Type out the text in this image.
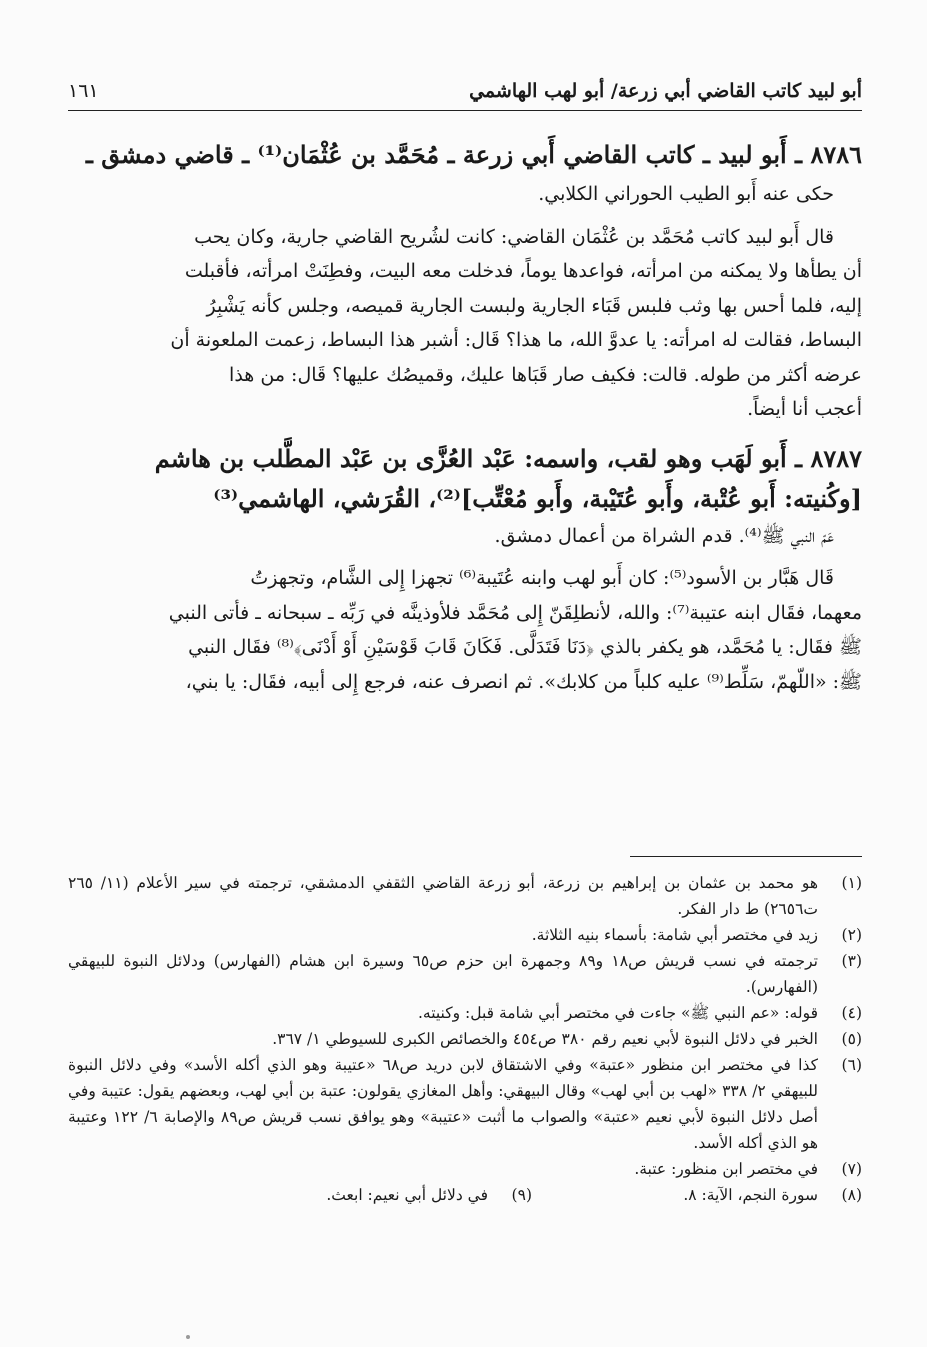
أبو لبيد كاتب القاضي أبي زرعة/ أبو لهب الهاشمي
١٦١
٨٧٨٦ ـ أَبو لبيد ـ كاتب القاضي أَبي زرعة ـ مُحَمَّد بن عُثْمَان⁽¹⁾ ـ قاضي دمشق ـ

حكى عنه أَبو الطيب الحوراني الكلابي.

قال أَبو لبيد كاتب مُحَمَّد بن عُثْمَان القاضي: كانت لشُريح القاضي جارية، وكان يحب

أن يطأها ولا يمكنه من امرأته، فواعدها يوماً، فدخلت معه البيت، وفطِنَتْ امرأته، فأقبلت

إليه، فلما أحس بها وثب فلبس قَبَاء الجارية ولبست الجارية قميصه، وجلس كأنه يَشْبِرُ

البساط، فقالت له امرأته: يا عدوَّ الله، ما هذا؟ قَال: أشبر هذا البساط، زعمت الملعونة أن

عرضه أكثر من طوله. قالت: فكيف صار قَبَاها عليك، وقميصُك عليها؟ قَال: من هذا

أعجب أنا أيضاً.

٨٧٨٧ ـ أَبو لَهَب وهو لقب، واسمه: عَبْد العُزَّى بن عَبْد المطَّلب بن هاشم
[وكُنيته: أَبو عُتْبة، وأَبو عُتَيْبة، وأَبو مُعْتِّب]⁽²⁾، القُرَشي، الهاشمي⁽³⁾

عَمّ النبي ﷺ⁽⁴⁾. قدم الشراة من أعمال دمشق.

قَال هَبَّار بن الأسود⁽⁵⁾: كان أَبو لهب وابنه عُتَيبة⁽⁶⁾ تجهزا إِلى الشَّام، وتجهزتُ

معهما، فقَال ابنه عتيبة⁽⁷⁾: والله، لأنطلِقَنّ إِلى مُحَمَّد فلأوذينَّه في رَبِّه ـ سبحانه ـ فأتى النبي

ﷺ فقَال: يا مُحَمَّد، هو يكفر بالذي ﴿دَنَا فَتَدَلَّى. فَكَانَ قَابَ قَوْسَيْنِ أَوْ أَدْنَى﴾⁽⁸⁾ فقَال النبي

ﷺ: «اللّهمّ، سَلِّط⁽⁹⁾ عليه كلباً من كلابك». ثم انصرف عنه، فرجع إِلى أبيه، فقَال: يا بني،

(١)
هو محمد بن عثمان بن إبراهيم بن زرعة، أبو زرعة القاضي الثقفي الدمشقي، ترجمته في سير الأعلام (١١/ ٢٦٥ ت٢٦٥٦) ط دار الفكر.
(٢)
زيد في مختصر أبي شامة: بأسماء بنيه الثلاثة.
(٣)
ترجمته في نسب قريش ص١٨ و٨٩ وجمهرة ابن حزم ص٦٥ وسيرة ابن هشام (الفهارس) ودلائل النبوة للبيهقي (الفهارس).
(٤)
قوله: «عم النبي ﷺ» جاءت في مختصر أبي شامة قبل: وكنيته.
(٥)
الخبر في دلائل النبوة لأبي نعيم رقم ٣٨٠ ص٤٥٤ والخصائص الكبرى للسيوطي ١/ ٣٦٧.
(٦)
كذا في مختصر ابن منظور «عتبة» وفي الاشتقاق لابن دريد ص٦٨ «عتيبة وهو الذي أكله الأسد» وفي دلائل النبوة للبيهقي ٢/ ٣٣٨ «لهب بن أبي لهب» وقال البيهقي: وأهل المغازي يقولون: عتبة بن أبي لهب، وبعضهم يقول: عتيبة وفي أصل دلائل النبوة لأبي نعيم «عتبة» والصواب ما أثبت «عتيبة» وهو يوافق نسب قريش ص٨٩ والإصابة ٦/ ١٢٢ وعتيبة هو الذي أكله الأسد.
(٧)
في مختصر ابن منظور: عتبة.
(٨)
سورة النجم، الآية: ٨.
(٩)
في دلائل أبي نعيم: ابعث.
